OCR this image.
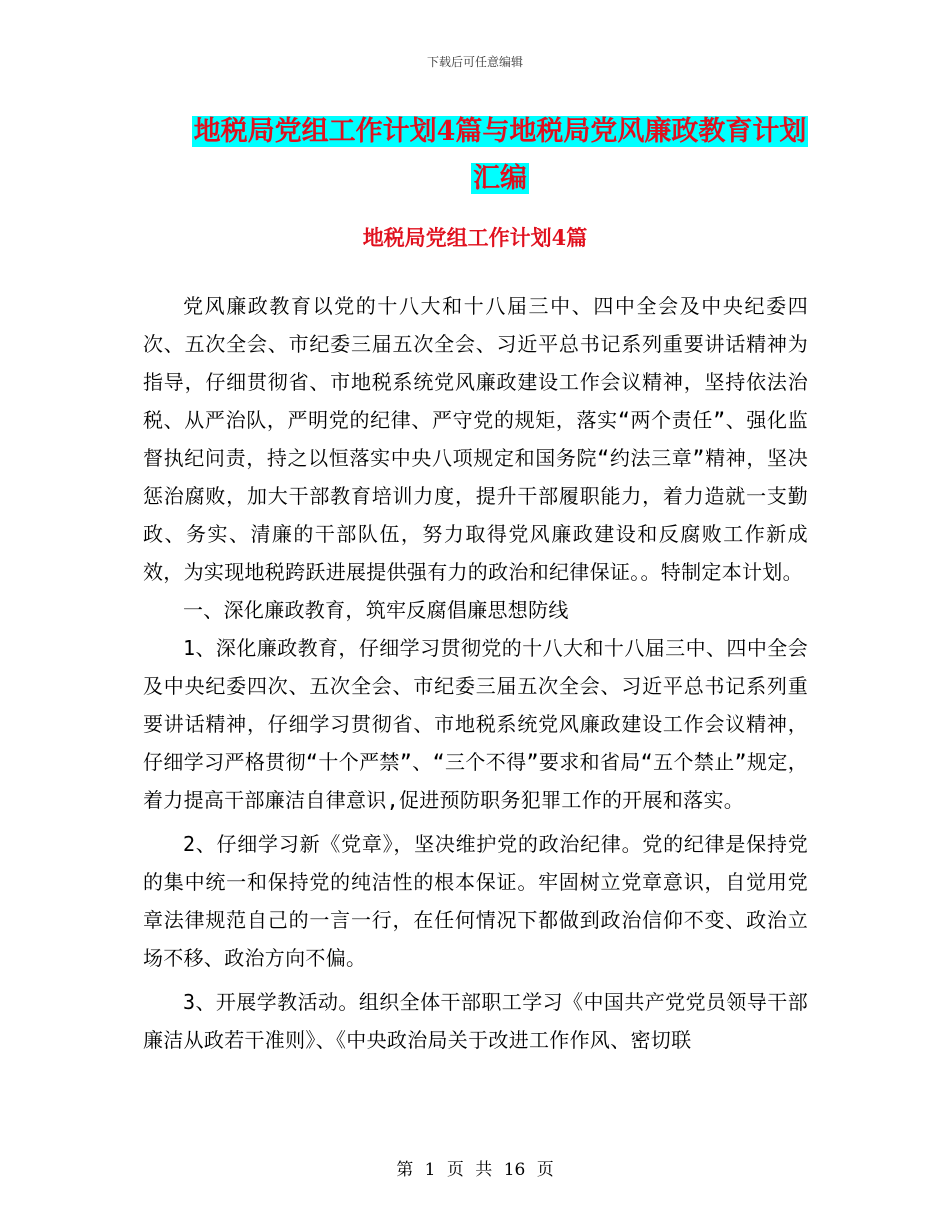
下载后可任意编辑
地税局党组工作计划4篇与地税局党风廉政教育计划
汇编
地税局党组工作计划4篇

党风廉政教育以党的十八大和十八届三中、四中全会及中央纪委四次、五次全会、市纪委三届五次全会、习近平总书记系列重要讲话精神为指导，仔细贯彻省、市地税系统党风廉政建设工作会议精神，坚持依法治税、从严治队，严明党的纪律、严守党的规矩，落实“两个责任”、强化监督执纪问责，持之以恒落实中央八项规定和国务院“约法三章”精神，坚决惩治腐败，加大干部教育培训力度，提升干部履职能力，着力造就一支勤政、务实、清廉的干部队伍，努力取得党风廉政建设和反腐败工作新成效，为实现地税跨跃进展提供强有力的政治和纪律保证。。特制定本计划。

一、深化廉政教育，筑牢反腐倡廉思想防线

1、深化廉政教育，仔细学习贯彻党的十八大和十八届三中、四中全会及中央纪委四次、五次全会、市纪委三届五次全会、习近平总书记系列重要讲话精神，仔细学习贯彻省、市地税系统党风廉政建设工作会议精神，仔细学习严格贯彻“十个严禁”、“三个不得”要求和省局“五个禁止”规定，着力提高干部廉洁自律意识,促进预防职务犯罪工作的开展和落实。

2、仔细学习新《党章》，坚决维护党的政治纪律。党的纪律是保持党的集中统一和保持党的纯洁性的根本保证。牢固树立党章意识，自觉用党章法律规范自己的一言一行，在任何情况下都做到政治信仰不变、政治立场不移、政治方向不偏。

3、开展学教活动。组织全体干部职工学习《中国共产党党员领导干部廉洁从政若干准则》、《中央政治局关于改进工作作风、密切联

第 1 页 共 16 页
